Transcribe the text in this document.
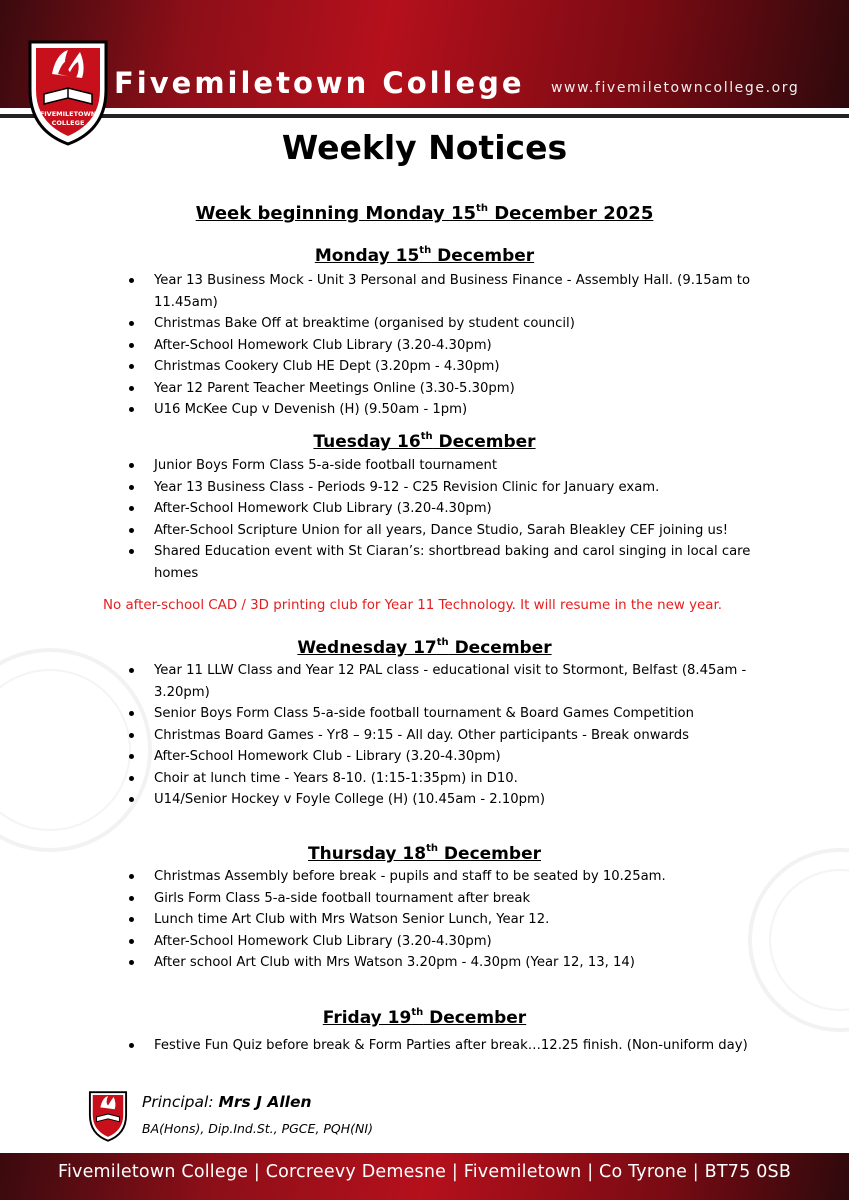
FIVEMILETOWN
COLLEGE
Fivemiletown College www.fivemiletowncollege.org
Weekly Notices
Week beginning Monday 15th December 2025
Monday 15th December
Year 13 Business Mock - Unit 3 Personal and Business Finance - Assembly Hall. (9.15am to 11.45am)
Christmas Bake Off at breaktime (organised by student council)
After-School Homework Club Library (3.20-4.30pm)
Christmas Cookery Club HE Dept (3.20pm - 4.30pm)
Year 12 Parent Teacher Meetings Online (3.30-5.30pm)
U16 McKee Cup v Devenish (H) (9.50am - 1pm)
Tuesday 16th December
Junior Boys Form Class 5-a-side football tournament
Year 13 Business Class - Periods 9-12 - C25 Revision Clinic for January exam.
After-School Homework Club Library (3.20-4.30pm)
After-School Scripture Union for all years, Dance Studio, Sarah Bleakley CEF joining us!
Shared Education event with St Ciaran’s: shortbread baking and carol singing in local care homes
No after-school CAD / 3D printing club for Year 11 Technology. It will resume in the new year.
Wednesday 17th December
Year 11 LLW Class and Year 12 PAL class - educational visit to Stormont, Belfast (8.45am - 3.20pm)
Senior Boys Form Class 5-a-side football tournament & Board Games Competition
Christmas Board Games - Yr8 – 9:15 - All day. Other participants - Break onwards
After-School Homework Club - Library (3.20-4.30pm)
Choir at lunch time - Years 8-10. (1:15-1:35pm) in D10.
U14/Senior Hockey v Foyle College (H) (10.45am - 2.10pm)
Thursday 18th December
Christmas Assembly before break - pupils and staff to be seated by 10.25am.
Girls Form Class 5-a-side football tournament after break
Lunch time Art Club with Mrs Watson Senior Lunch, Year 12.
After-School Homework Club Library (3.20-4.30pm)
After school Art Club with Mrs Watson 3.20pm - 4.30pm (Year 12, 13, 14)
Friday 19th December
Festive Fun Quiz before break & Form Parties after break…12.25 finish. (Non-uniform day)
Principal: Mrs J Allen
BA(Hons), Dip.Ind.St., PGCE, PQH(NI)
Fivemiletown College | Corcreevy Demesne | Fivemiletown | Co Tyrone | BT75 0SB
